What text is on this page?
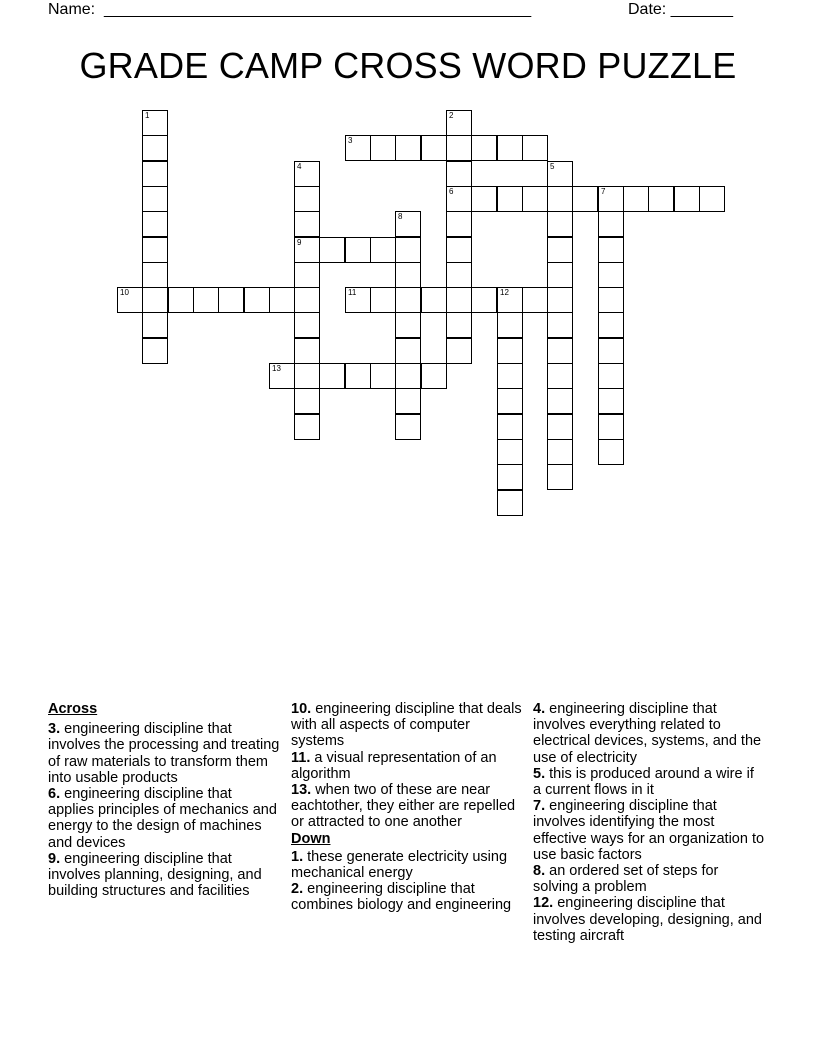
Name: ________________________________________________	Date: _______
GRADE CAMP CROSS WORD PUZZLE
1	2
6
3
4
9
5
7
8
10	11	12
13
Across

3. engineering discipline that involves the processing and treating of raw materials to transform them into usable products

6. engineering discipline that applies principles of mechanics and energy to the design of machines and devices

9. engineering discipline that involves planning, designing, and building structures and facilities

10. engineering discipline that deals with all aspects of computer systems

11. a visual representation of an algorithm

13. when two of these are near eachtother, they either are repelled or attracted to one another

Down

1. these generate electricity using mechanical energy

2. engineering discipline that combines biology and engineering

4. engineering discipline that involves everything related to electrical devices, systems, and the use of electricity

5. this is produced around a wire if a current flows in it

7. engineering discipline that involves identifying the most effective ways for an organization to use basic factors

8. an ordered set of steps for solving a problem

12. engineering discipline that involves developing, designing, and testing aircraft
